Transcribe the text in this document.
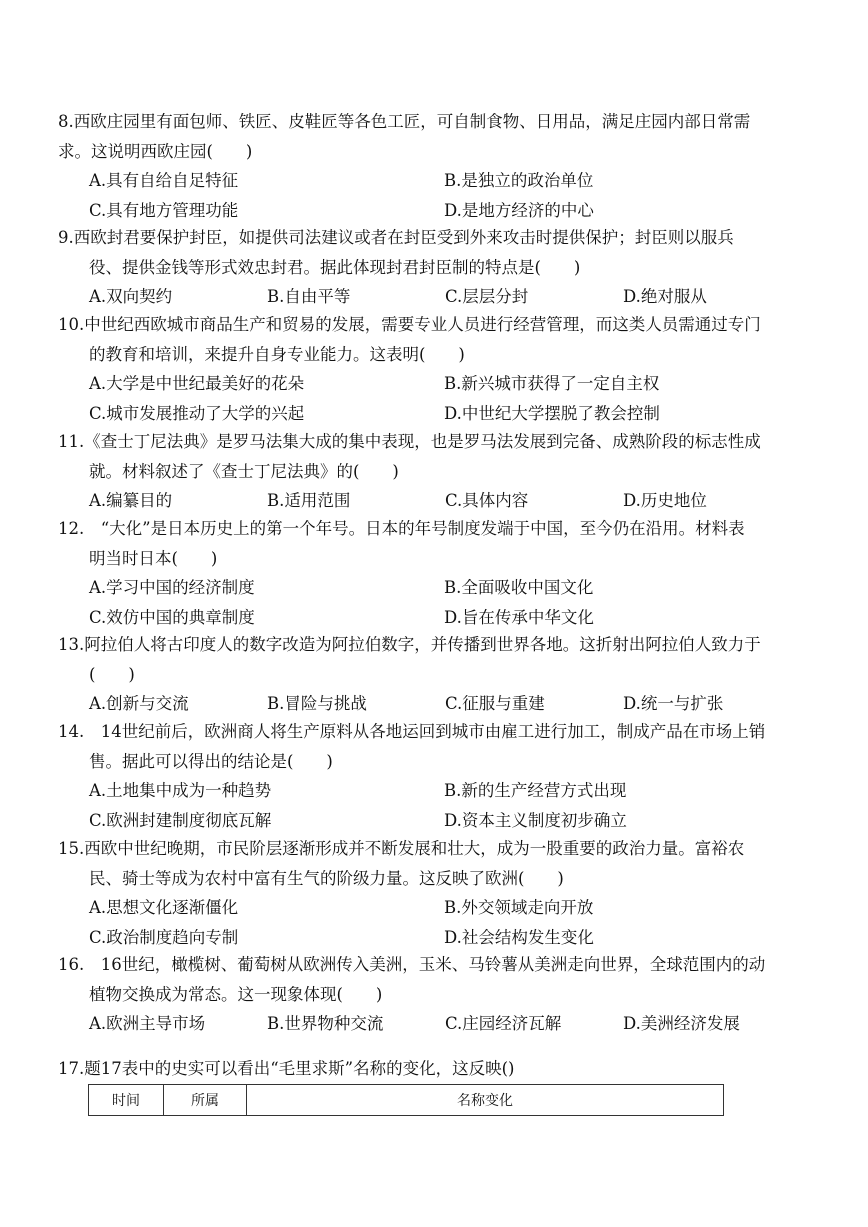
8.西欧庄园里有面包师、铁匠、皮鞋匠等各色工匠，可自制食物、日用品，满足庄园内部日常需
求。这说明西欧庄园(　　)
A.具有自给自足特征	B.是独立的政治单位
C.具有地方管理功能	D.是地方经济的中心
9.西欧封君要保护封臣，如提供司法建议或者在封臣受到外来攻击时提供保护；封臣则以服兵
役、提供金钱等形式效忠封君。据此体现封君封臣制的特点是(　　)
A.双向契约	B.自由平等	C.层层分封	D.绝对服从
10.中世纪西欧城市商品生产和贸易的发展，需要专业人员进行经营管理，而这类人员需通过专门
的教育和培训，来提升自身专业能力。这表明(　　)
A.大学是中世纪最美好的花朵	B.新兴城市获得了一定自主权
C.城市发展推动了大学的兴起	D.中世纪大学摆脱了教会控制
11.《查士丁尼法典》是罗马法集大成的集中表现，也是罗马法发展到完备、成熟阶段的标志性成
就。材料叙述了《查士丁尼法典》的(　　)
A.编纂目的	B.适用范围	C.具体内容	D.历史地位
12.　“大化”是日本历史上的第一个年号。日本的年号制度发端于中国，至今仍在沿用。材料表
明当时日本(　　)
A.学习中国的经济制度	B.全面吸收中国文化
C.效仿中国的典章制度	D.旨在传承中华文化
13.阿拉伯人将古印度人的数字改造为阿拉伯数字，并传播到世界各地。这折射出阿拉伯人致力于
(　　)
A.创新与交流	B.冒险与挑战	C.征服与重建	D.统一与扩张
14.　14世纪前后，欧洲商人将生产原料从各地运回到城市由雇工进行加工，制成产品在市场上销
售。据此可以得出的结论是(　　)
A.土地集中成为一种趋势	B.新的生产经营方式出现
C.欧洲封建制度彻底瓦解	D.资本主义制度初步确立
15.西欧中世纪晚期，市民阶层逐渐形成并不断发展和壮大，成为一股重要的政治力量。富裕农
民、骑士等成为农村中富有生气的阶级力量。这反映了欧洲(　　)
A.思想文化逐渐僵化	B.外交领域走向开放
C.政治制度趋向专制	D.社会结构发生变化
16.　16世纪，橄榄树、葡萄树从欧洲传入美洲，玉米、马铃薯从美洲走向世界，全球范围内的动
植物交换成为常态。这一现象体现(　　)
A.欧洲主导市场	B.世界物种交流	C.庄园经济瓦解	D.美洲经济发展
17.题17表中的史实可以看出“毛里求斯”名称的变化，这反映()
时间	所属	名称变化
